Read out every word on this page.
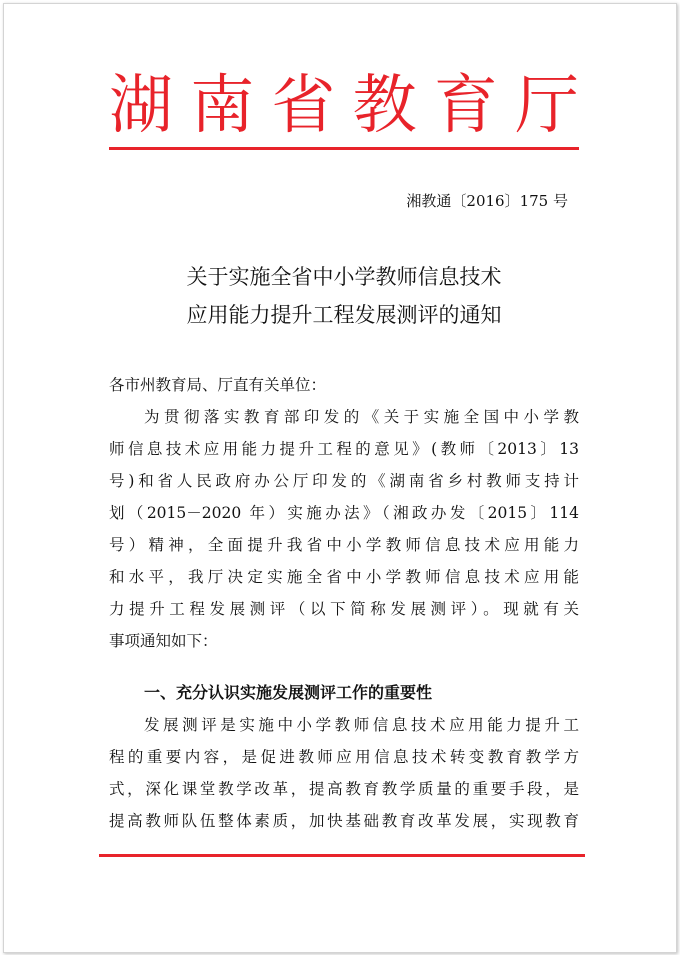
湖 南 省 教 育 厅
湘教通〔2016〕175 号
关于实施全省中小学教师信息技术
应用能力提升工程发展测评的通知
各市州教育局、厅直有关单位：
为贯彻落实教育部印发的《关于实施全国中小学教
师信息技术应用能力提升工程的意见》(教师〔2013〕13
号)和省人民政府办公厅印发的《湖南省乡村教师支持计
划（2015－2020 年）实施办法》（湘政办发〔2015〕114
号）精神，全面提升我省中小学教师信息技术应用能力
和水平，我厅决定实施全省中小学教师信息技术应用能
力提升工程发展测评（以下简称发展测评）。现就有关
事项通知如下：
一、充分认识实施发展测评工作的重要性
发展测评是实施中小学教师信息技术应用能力提升工
程的重要内容，是促进教师应用信息技术转变教育教学方
式，深化课堂教学改革，提高教育教学质量的重要手段，是
提高教师队伍整体素质，加快基础教育改革发展，实现教育
